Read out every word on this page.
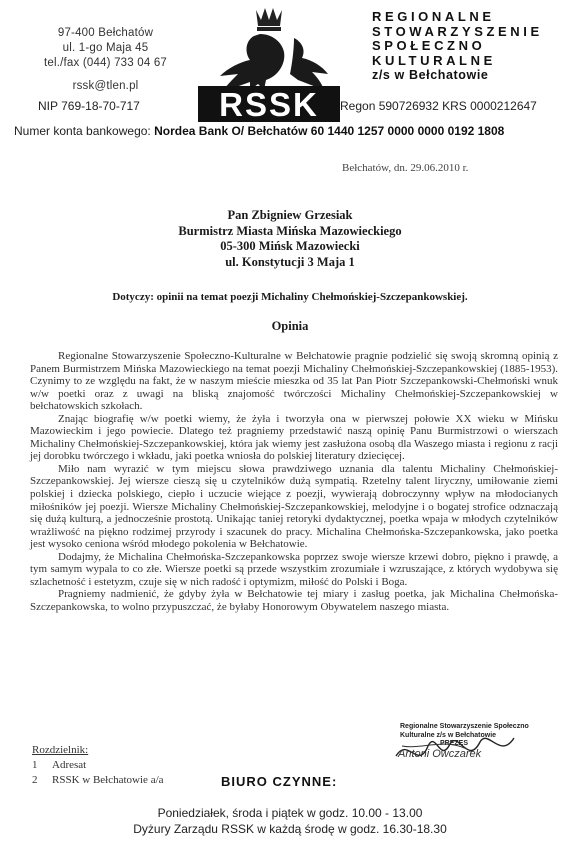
97-400 Bełchatów
ul. 1-go Maja 45
tel./fax (044) 733 04 67
rssk@tlen.pl	RSSK
REGIONALNE
STOWARZYSZENIE
SPOŁECZNO
KULTURALNE
z/s w Bełchatowie
NIP 769-18-70-717	Regon 590726932 KRS 0000212647
Numer konta bankowego: Nordea Bank O/ Bełchatów 60 1440 1257 0000 0000 0192 1808
Bełchatów, dn. 29.06.2010 r.
Pan Zbigniew Grzesiak
Burmistrz Miasta Mińska Mazowieckiego
05-300 Mińsk Mazowiecki
ul. Konstytucji 3 Maja 1
Dotyczy: opinii na temat poezji Michaliny Chełmońskiej-Szczepankowskiej.
Opinia

Regionalne Stowarzyszenie Społeczno-Kulturalne w Bełchatowie pragnie podzielić się swoją skromną opinią z Panem Burmistrzem Mińska Mazowieckiego na temat poezji Michaliny Chełmońskiej-Szczepankowskiej (1885-1953). Czynimy to ze względu na fakt, że w naszym mieście mieszka od 35 lat Pan Piotr Szczepankowski-Chełmoński wnuk w/w poetki oraz z uwagi na bliską znajomość twórczości Michaliny Chełmońskiej-Szczepankowskiej w bełchatowskich szkołach.

Znając biografię w/w poetki wiemy, że żyła i tworzyła ona w pierwszej połowie XX wieku w Mińsku Mazowieckim i jego powiecie. Dlatego też pragniemy przedstawić naszą opinię Panu Burmistrzowi o wierszach Michaliny Chełmońskiej-Szczepankowskiej, która jak wiemy jest zasłużona osobą dla Waszego miasta i regionu z racji jej dorobku twórczego i wkładu, jaki poetka wniosła do polskiej literatury dziecięcej.

Miło nam wyrazić w tym miejscu słowa prawdziwego uznania dla talentu Michaliny Chełmońskiej-Szczepankowskiej. Jej wiersze cieszą się u czytelników dużą sympatią. Rzetelny talent liryczny, umiłowanie ziemi polskiej i dziecka polskiego, ciepło i uczucie wiejące z poezji, wywierają dobroczynny wpływ na młodocianych miłośników jej poezji. Wiersze Michaliny Chełmońskiej-Szczepankowskiej, melodyjne i o bogatej strofice odznaczają się dużą kulturą, a jednocześnie prostotą. Unikając taniej retoryki dydaktycznej, poetka wpaja w młodych czytelników wrażliwość na piękno rodzimej przyrody i szacunek do pracy. Michalina Chełmońska-Szczepankowska, jako poetka jest wysoko ceniona wśród młodego pokolenia w Bełchatowie.

Dodajmy, że Michalina Chełmońska-Szczepankowska poprzez swoje wiersze krzewi dobro, piękno i prawdę, a tym samym wypala to co złe. Wiersze poetki są przede wszystkim zrozumiałe i wzruszające, z których wydobywa się szlachetność i estetyzm, czuje się w nich radość i optymizm, miłość do Polski i Boga.

Pragniemy nadmienić, że gdyby żyła w Bełchatowie tej miary i zasług poetka, jak Michalina Chełmońska-Szczepankowska, to wolno przypuszczać, że byłaby Honorowym Obywatelem naszego miasta.

Regionalne Stowarzyszenie Społeczno
Kulturalne z/s w Bełchatowie
PREZES
Antoni Owczarek
Rozdzielnik:
1 Adresat
2 RSSK w Bełchatowie a/a	BIURO CZYNNE:
Poniedziałek, środa i piątek w godz. 10.00 - 13.00
Dyżury Zarządu RSSK w każdą środę w godz. 16.30-18.30
